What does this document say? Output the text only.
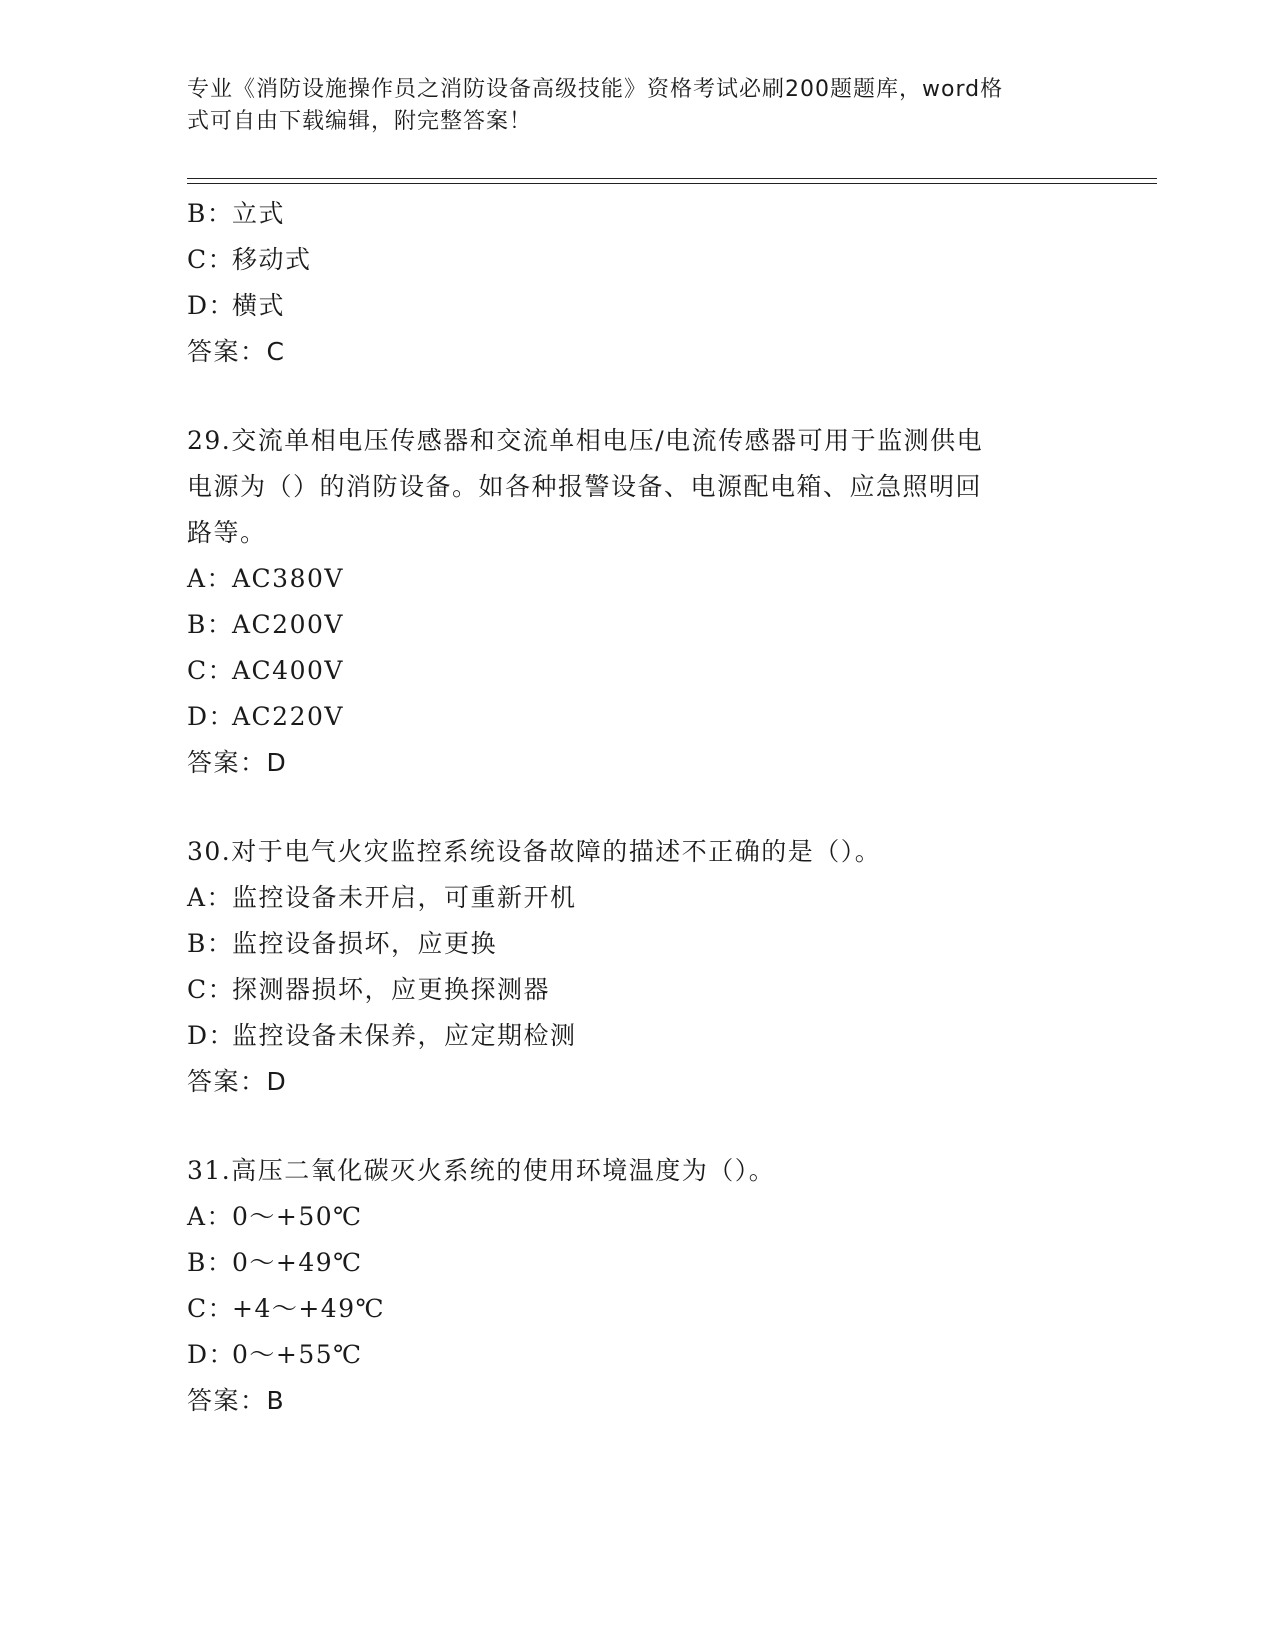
专业《消防设施操作员之消防设备高级技能》资格考试必刷200题题库，word格
式可自由下载编辑，附完整答案！
B：立式
C：移动式
D：横式
答案：C
29.交流单相电压传感器和交流单相电压/电流传感器可用于监测供电
电源为（）的消防设备。如各种报警设备、电源配电箱、应急照明回
路等。
A：AC380V
B：AC200V
C：AC400V
D：AC220V
答案：D
30.对于电气火灾监控系统设备故障的描述不正确的是（）。
A：监控设备未开启，可重新开机
B：监控设备损坏，应更换
C：探测器损坏，应更换探测器
D：监控设备未保养，应定期检测
答案：D
31.高压二氧化碳灭火系统的使用环境温度为（）。
A：0～+50℃
B：0～+49℃
C：+4～+49℃
D：0～+55℃
答案：B
